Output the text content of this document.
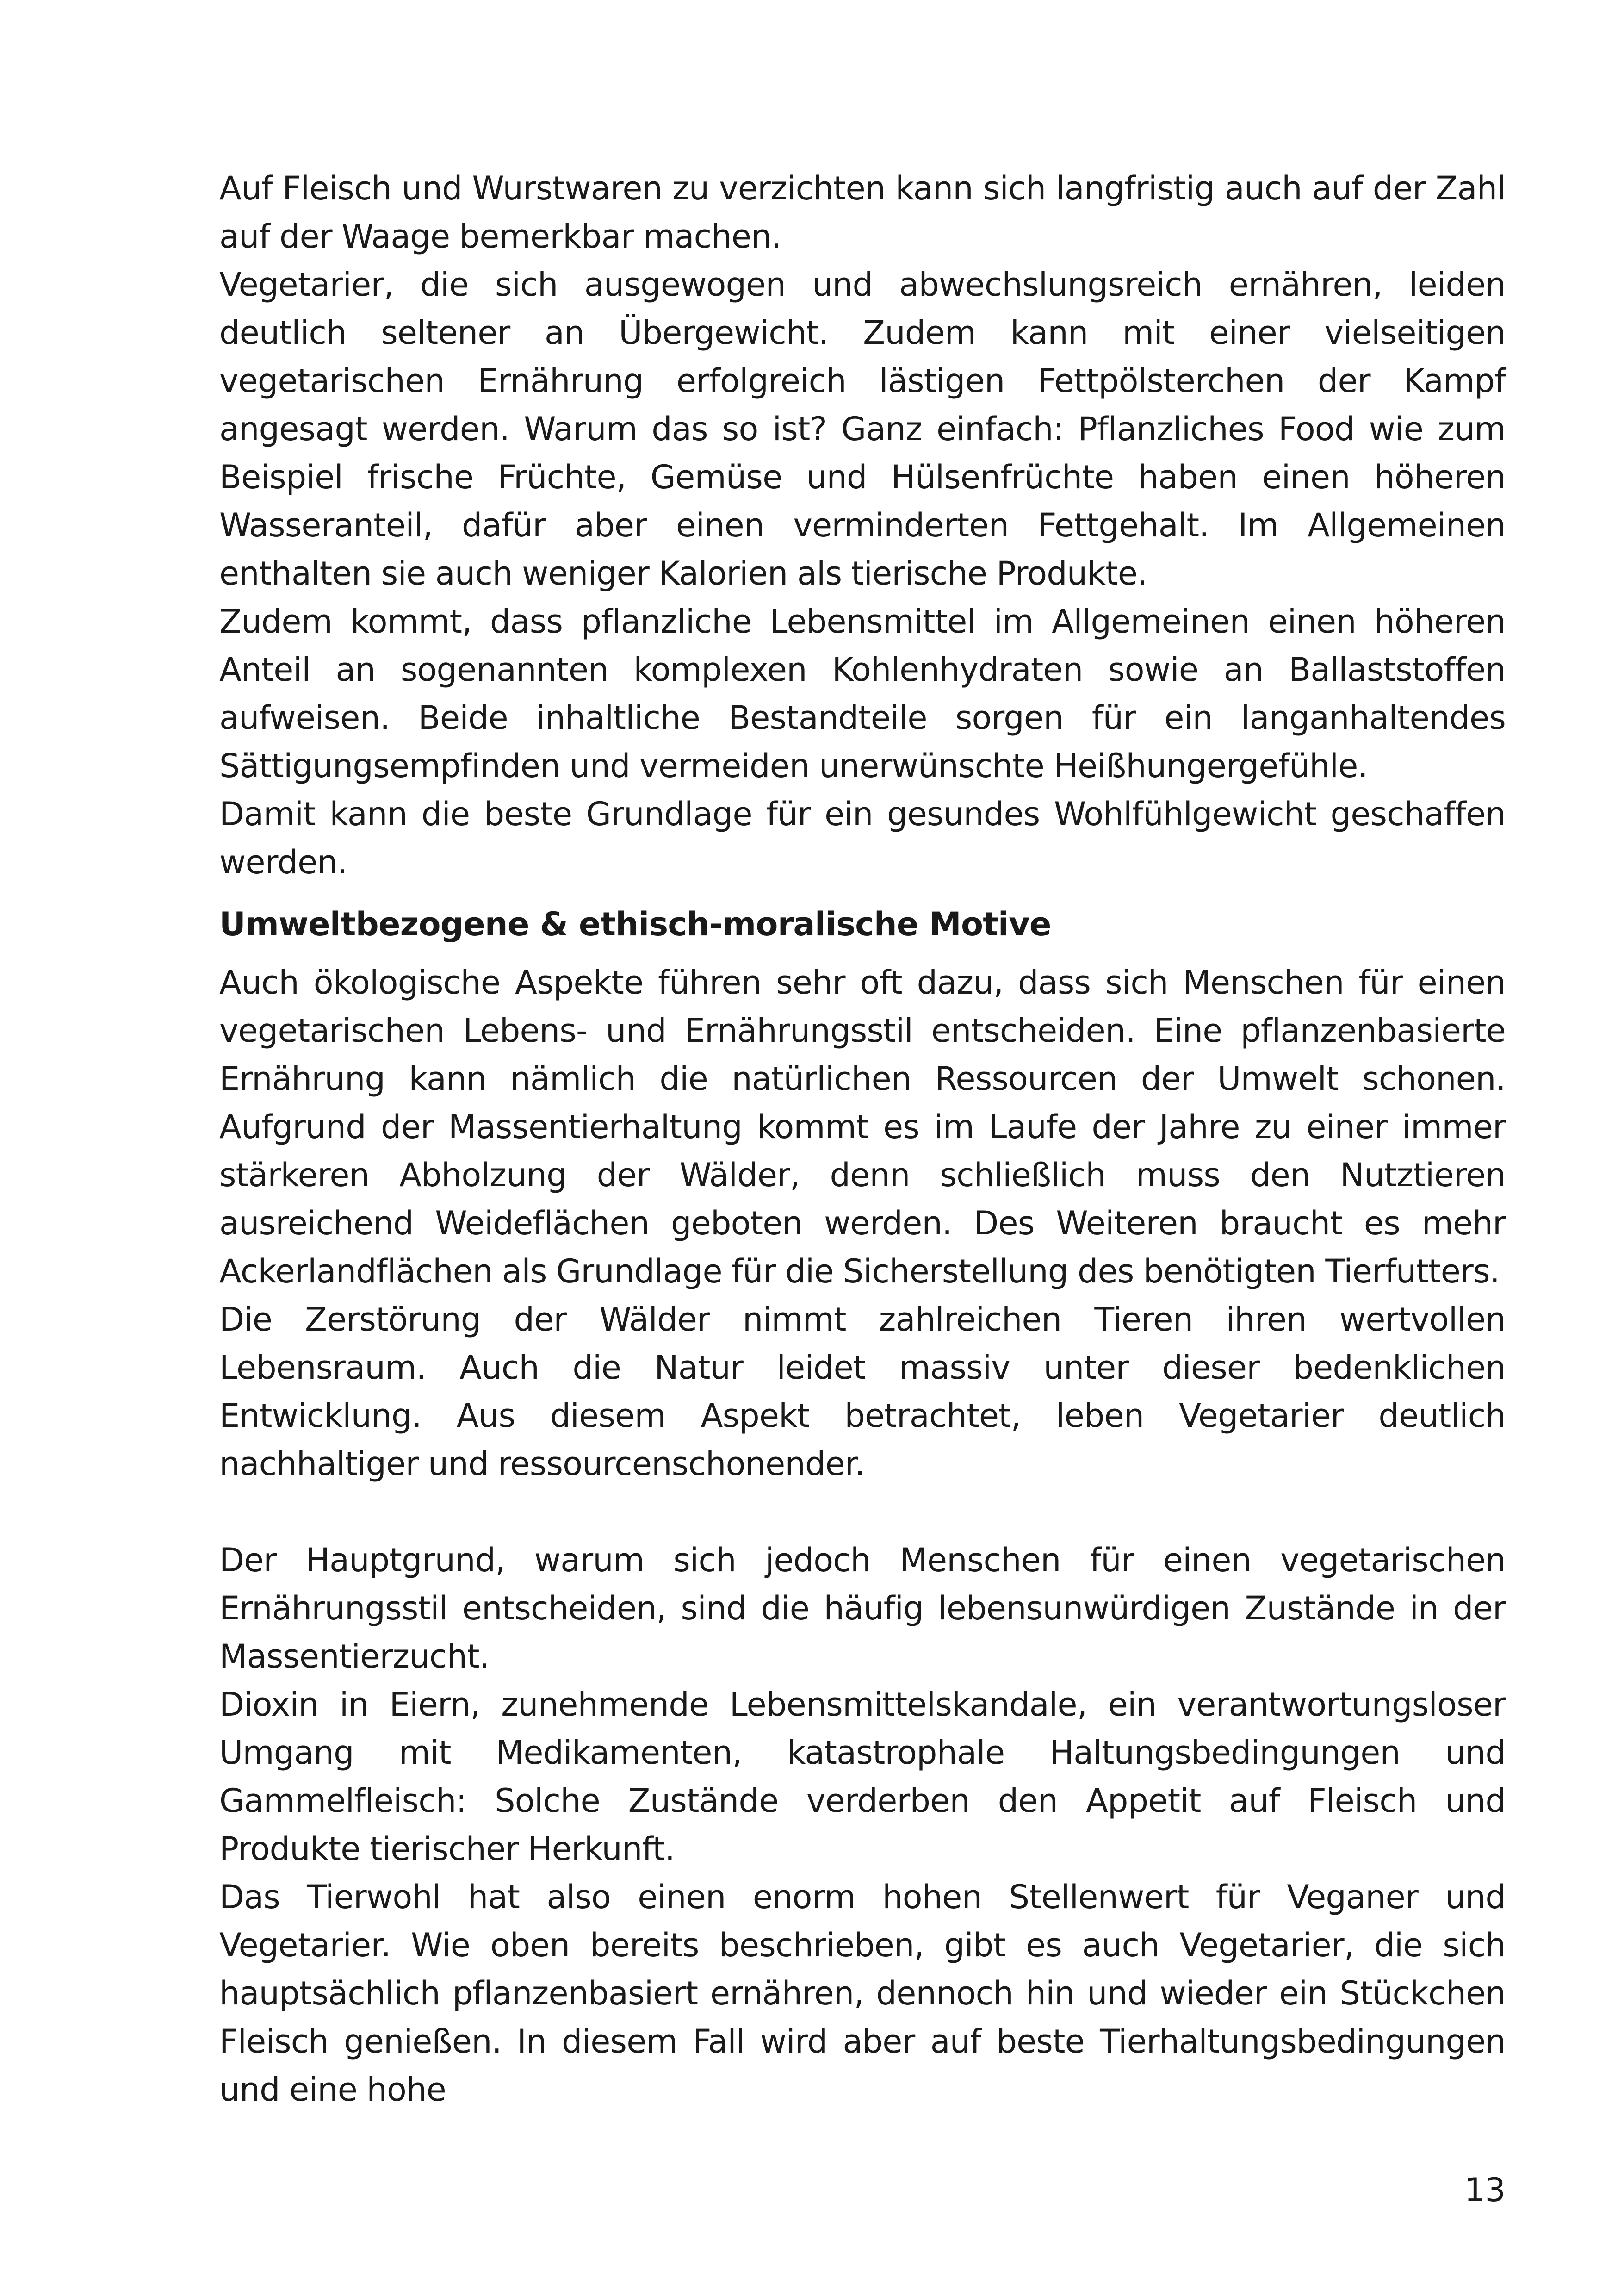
Auf Fleisch und Wurstwaren zu verzichten kann sich langfristig auch auf der Zahl auf der Waage bemerkbar machen.

Vegetarier, die sich ausgewogen und abwechslungsreich ernähren, leiden deutlich seltener an Übergewicht. Zudem kann mit einer vielseitigen vegetarischen Ernährung erfolgreich lästigen Fettpölsterchen der Kampf angesagt werden. Warum das so ist? Ganz einfach: Pflanzliches Food wie zum Beispiel frische Früchte, Gemüse und Hülsenfrüchte haben einen höheren Wasseranteil, dafür aber einen verminderten Fettgehalt. Im Allgemeinen enthalten sie auch weniger Kalorien als tierische Produkte.

Zudem kommt, dass pflanzliche Lebensmittel im Allgemeinen einen höheren Anteil an sogenannten komplexen Kohlenhydraten sowie an Ballaststoffen aufweisen. Beide inhaltliche Bestandteile sorgen für ein langanhaltendes Sättigungsempfinden und vermeiden unerwünschte Heißhungergefühle.

Damit kann die beste Grundlage für ein gesundes Wohlfühlgewicht geschaffen werden.

Umweltbezogene & ethisch-moralische Motive

Auch ökologische Aspekte führen sehr oft dazu, dass sich Menschen für einen vegetarischen Lebens- und Ernährungsstil entscheiden. Eine pflanzenbasierte Ernährung kann nämlich die natürlichen Ressourcen der Umwelt schonen. Aufgrund der Massentierhaltung kommt es im Laufe der Jahre zu einer immer stärkeren Abholzung der Wälder, denn schließlich muss den Nutztieren ausreichend Weideflächen geboten werden. Des Weiteren braucht es mehr Ackerlandflächen als Grundlage für die Sicherstellung des benötigten Tierfutters.

Die Zerstörung der Wälder nimmt zahlreichen Tieren ihren wertvollen Lebensraum. Auch die Natur leidet massiv unter dieser bedenklichen Entwicklung. Aus diesem Aspekt betrachtet, leben Vegetarier deutlich nachhaltiger und ressourcenschonender.

Der Hauptgrund, warum sich jedoch Menschen für einen vegetarischen Ernährungsstil entscheiden, sind die häufig lebensunwürdigen Zustände in der Massentierzucht.

Dioxin in Eiern, zunehmende Lebensmittelskandale, ein verantwortungsloser Umgang mit Medikamenten, katastrophale Haltungsbedingungen und Gammelfleisch: Solche Zustände verderben den Appetit auf Fleisch und Produkte tierischer Herkunft.

Das Tierwohl hat also einen enorm hohen Stellenwert für Veganer und Vegetarier. Wie oben bereits beschrieben, gibt es auch Vegetarier, die sich hauptsächlich pflanzenbasiert ernähren, dennoch hin und wieder ein Stückchen Fleisch genießen. In diesem Fall wird aber auf beste Tierhaltungsbedingungen und eine hohe

13
